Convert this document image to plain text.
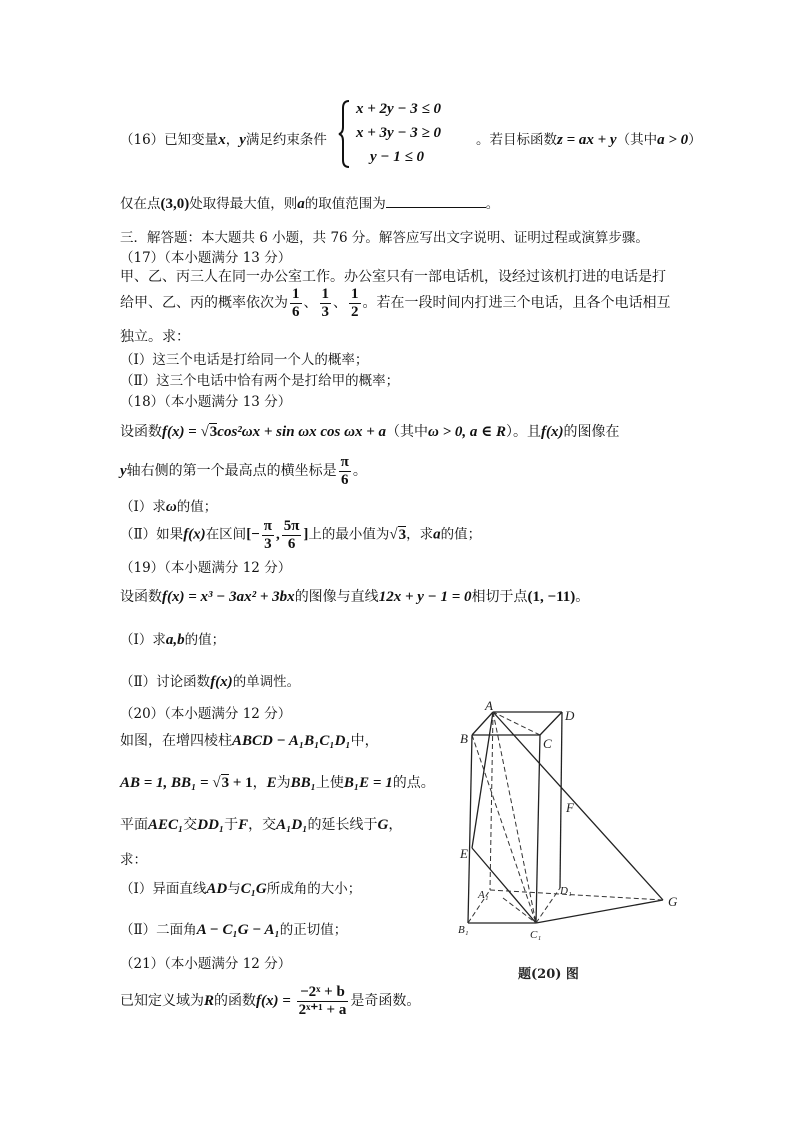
（16）已知变量x，y满足约束条件
x + 2y − 3 ≤ 0
x + 3y − 3 ≥ 0
y − 1 ≤ 0
。若目标函数z = ax + y（其中a > 0）
仅在点(3,0)处取得最大值，则a的取值范围为	。
三．解答题：本大题共 6 小题，共 76 分。解答应写出文字说明、证明过程或演算步骤。
（17）（本小题满分 13 分）
甲、乙、丙三人在同一办公室工作。办公室只有一部电话机，设经过该机打进的电话是打
给甲、乙、丙的概率依次为 $\frac{1}{6}$ 、 $\frac{1}{3}$ 、 $\frac{1}{2}$ 。若在一段时间内打进三个电话，且各个电话相互
独立。求：
（Ⅰ）这三个电话是打给同一个人的概率；
（Ⅱ）这三个电话中恰有两个是打给甲的概率；
（18）（本小题满分 13 分）
设函数f(x) = √3cos²ωx + sin ωx cos ωx + a（其中ω > 0, a ∈ R）。且f(x)的图像在
y轴右侧的第一个最高点的横坐标是 $\frac{\pi}{6}$ 。
（Ⅰ）求ω的值；
（Ⅱ）如果f(x)在区间[− $\frac{\pi}{3}$ , $\frac{5\pi}{6}$ ]上的最小值为√3，求a的值；
（19）（本小题满分 12 分）
设函数f(x) = x³ − 3ax² + 3bx的图像与直线12x + y − 1 = 0相切于点(1, −11)。
（Ⅰ）求a,b的值；
（Ⅱ）讨论函数f(x)的单调性。
（20）（本小题满分 12 分）
如图，在增四棱柱ABCD − A₁B₁C₁D₁中，
AB = 1, BB₁ = √3 + 1，E为BB₁上使B₁E = 1的点。
平面AEC₁交DD₁于F，交A₁D₁的延长线于G，
求：
（Ⅰ）异面直线AD与C₁G所成角的大小；
（Ⅱ）二面角A − C₁G − A₁的正切值；
（21）（本小题满分 12 分）
已知定义域为R的函数$f(x) = \frac{\text{−2ˣ + b}}{\text{2ˣ⁺¹ + a}}$ 是奇函数。
A
D
B	C
F
E
A₁	D₁
G
B₁	C₁
题(20) 图
